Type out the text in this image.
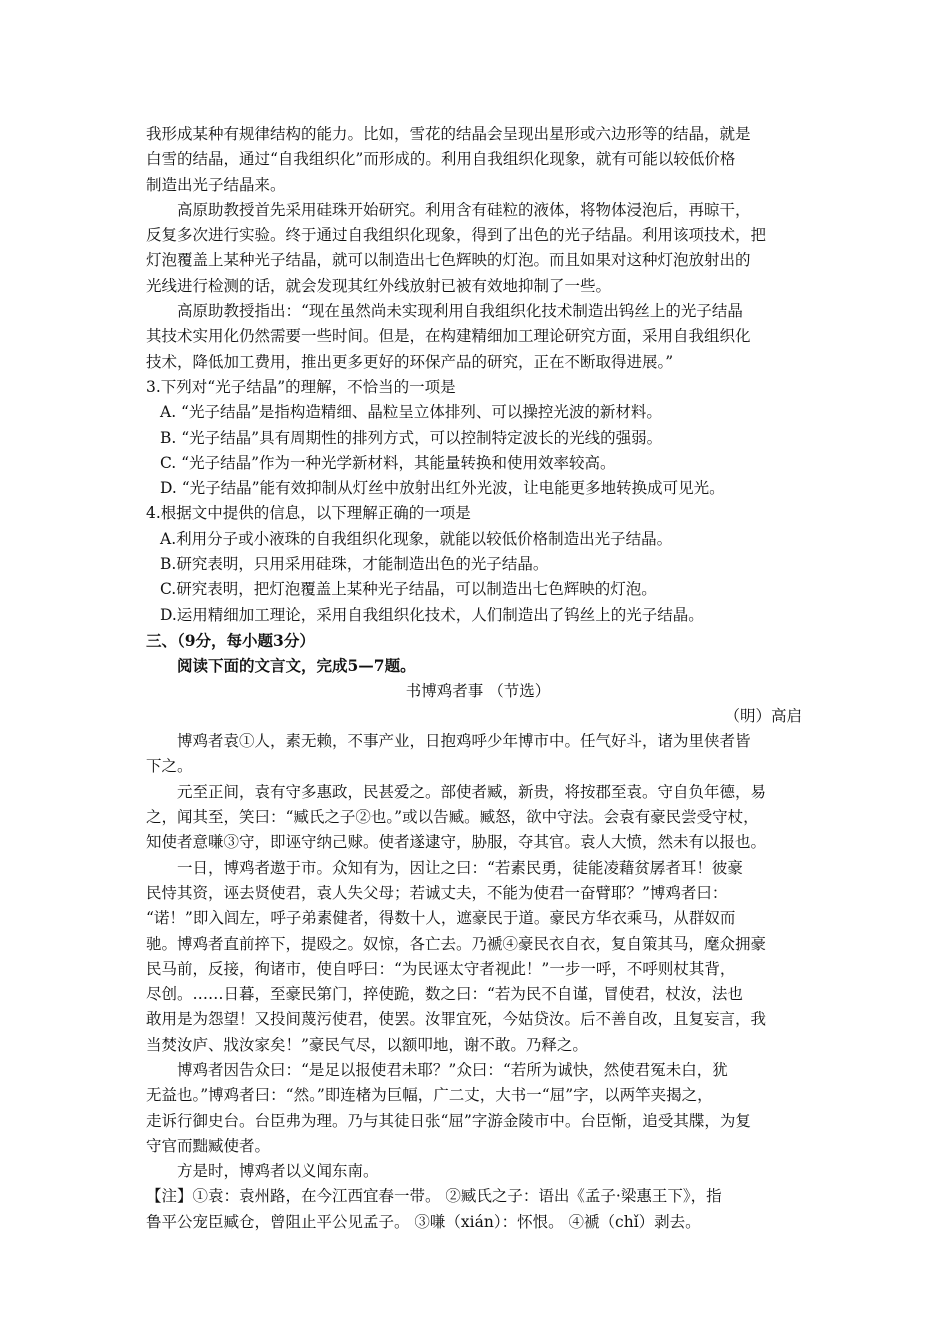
我形成某种有规律结构的能力。比如，雪花的结晶会呈现出星形或六边形等的结晶，就是
白雪的结晶，通过“自我组织化”而形成的。利用自我组织化现象，就有可能以较低价格
制造出光子结晶来。
高原助教授首先采用硅珠开始研究。利用含有硅粒的液体，将物体浸泡后，再晾干，
反复多次进行实验。终于通过自我组织化现象，得到了出色的光子结晶。利用该项技术，把
灯泡覆盖上某种光子结晶，就可以制造出七色辉映的灯泡。而且如果对这种灯泡放射出的
光线进行检测的话，就会发现其红外线放射已被有效地抑制了一些。
高原助教授指出：“现在虽然尚未实现利用自我组织化技术制造出钨丝上的光子结晶
其技术实用化仍然需要一些时间。但是，在构建精细加工理论研究方面，采用自我组织化
技术，降低加工费用，推出更多更好的环保产品的研究，正在不断取得进展。”
3.下列对“光子结晶”的理解，不恰当的一项是
A. “光子结晶”是指构造精细、晶粒呈立体排列、可以操控光波的新材料。
B. “光子结晶”具有周期性的排列方式，可以控制特定波长的光线的强弱。
C. “光子结晶”作为一种光学新材料，其能量转换和使用效率较高。
D. “光子结晶”能有效抑制从灯丝中放射出红外光波，让电能更多地转换成可见光。
4.根据文中提供的信息，以下理解正确的一项是
A.利用分子或小液珠的自我组织化现象，就能以较低价格制造出光子结晶。
B.研究表明，只用采用硅珠，才能制造出色的光子结晶。
C.研究表明，把灯泡覆盖上某种光子结晶，可以制造出七色辉映的灯泡。
D.运用精细加工理论，采用自我组织化技术，人们制造出了钨丝上的光子结晶。
三、（9分，每小题3分）
阅读下面的文言文，完成5—7题。
书博鸡者事 （节选）
（明）高启
博鸡者袁①人，素无赖，不事产业，日抱鸡呼少年博市中。任气好斗，诸为里侠者皆
下之。
元至正间，袁有守多惠政，民甚爱之。部使者臧，新贵，将按郡至袁。守自负年德，易
之，闻其至，笑曰：“臧氏之子②也。”或以告臧。臧怒，欲中守法。会袁有豪民尝受守杖，
知使者意嗛③守，即诬守纳己赇。使者遂逮守，胁服，夺其官。袁人大愤，然未有以报也。
一日，博鸡者遨于市。众知有为，因让之曰：“若素民勇，徒能凌藉贫孱者耳！彼豪
民恃其资，诬去贤使君，袁人失父母；若诚丈夫，不能为使君一奋臂耶？”博鸡者曰：
“诺！”即入闾左，呼子弟素健者，得数十人，遮豪民于道。豪民方华衣乘马，从群奴而
驰。博鸡者直前捽下，提殴之。奴惊，各亡去。乃褫④豪民衣自衣，复自策其马，麾众拥豪
民马前，反接，徇诸市，使自呼曰：“为民诬太守者视此！”一步一呼，不呼则杖其背，
尽创。……日暮，至豪民第门，捽使跪，数之曰：“若为民不自谨，冒使君，杖汝，法也
敢用是为怨望！又投间蔑污使君，使罢。汝罪宜死，今姑贷汝。后不善自改，且复妄言，我
当焚汝庐、戕汝家矣！”豪民气尽，以额叩地，谢不敢。乃释之。
博鸡者因告众曰：“是足以报使君未耶？”众曰：“若所为诚快，然使君冤未白，犹
无益也。”博鸡者曰：“然。”即连楮为巨幅，广二丈，大书一“屈”字，以两竿夹揭之，
走诉行御史台。台臣弗为理。乃与其徒日张“屈”字游金陵市中。台臣惭，追受其牒，为复
守官而黜臧使者。
方是时，博鸡者以义闻东南。
【注】①袁：袁州路，在今江西宜春一带。 ②臧氏之子：语出《孟子·梁惠王下》，指
鲁平公宠臣臧仓，曾阻止平公见孟子。 ③嗛（xián）：怀恨。 ④褫（chǐ）剥去。
